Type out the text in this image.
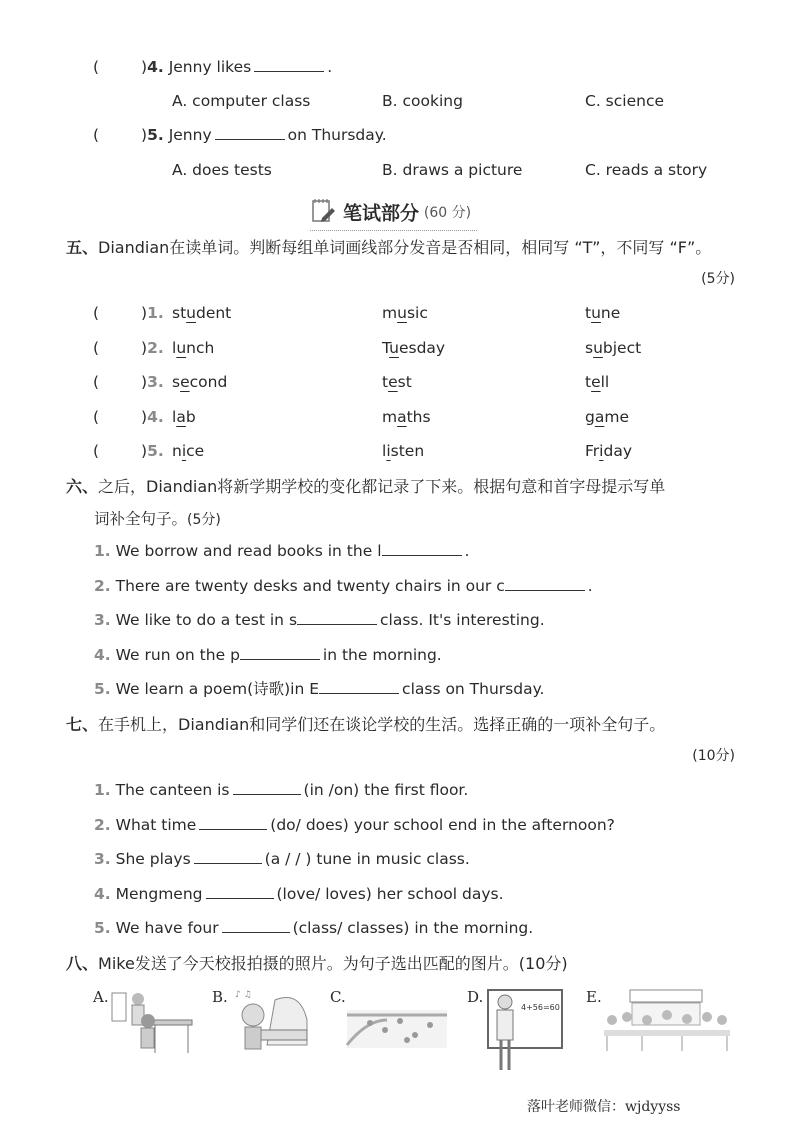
(	)4. Jenny likes	.
A. computer class	B. cooking	C. science
(	)5. Jenny	on Thursday.
A. does tests	B. draws a picture	C. reads a story
笔试部分 (60 分)
五、Diandian在读单词。判断每组单词画线部分发音是否相同，相同写 “T”，不同写 “F”。
(5分)
六、之后，Diandian将新学期学校的变化都记录了下来。根据句意和首字母提示写单
词补全句子。(5分)
七、在手机上，Diandian和同学们还在谈论学校的生活。选择正确的一项补全句子。
(10分)
八、Mike发送了今天校报拍摄的照片。为句子选出匹配的图片。(10分)
A.	B. ♪ ♫	C.	D.
4+56=60
E.
落叶老师微信：wjdyyss
(	)1. student	music	tune
(	)2. lunch	Tuesday	subject
(	)3. second	test	tell
(	)4. lab	maths	game
(	)5. nice	listen	Friday
1. We borrow and read books in the l	.
2. There are twenty desks and twenty chairs in our c	.
3. We like to do a test in s	class. It's interesting.
4. We run on the p	in the morning.
5. We learn a poem(诗歌)in E	class on Thursday.
1. The canteen is	(in /on) the first floor.
2. What time	(do/ does) your school end in the afternoon?
3. She plays	(a / / ) tune in music class.
4. Mengmeng	(love/ loves) her school days.
5. We have four	(class/ classes) in the morning.
